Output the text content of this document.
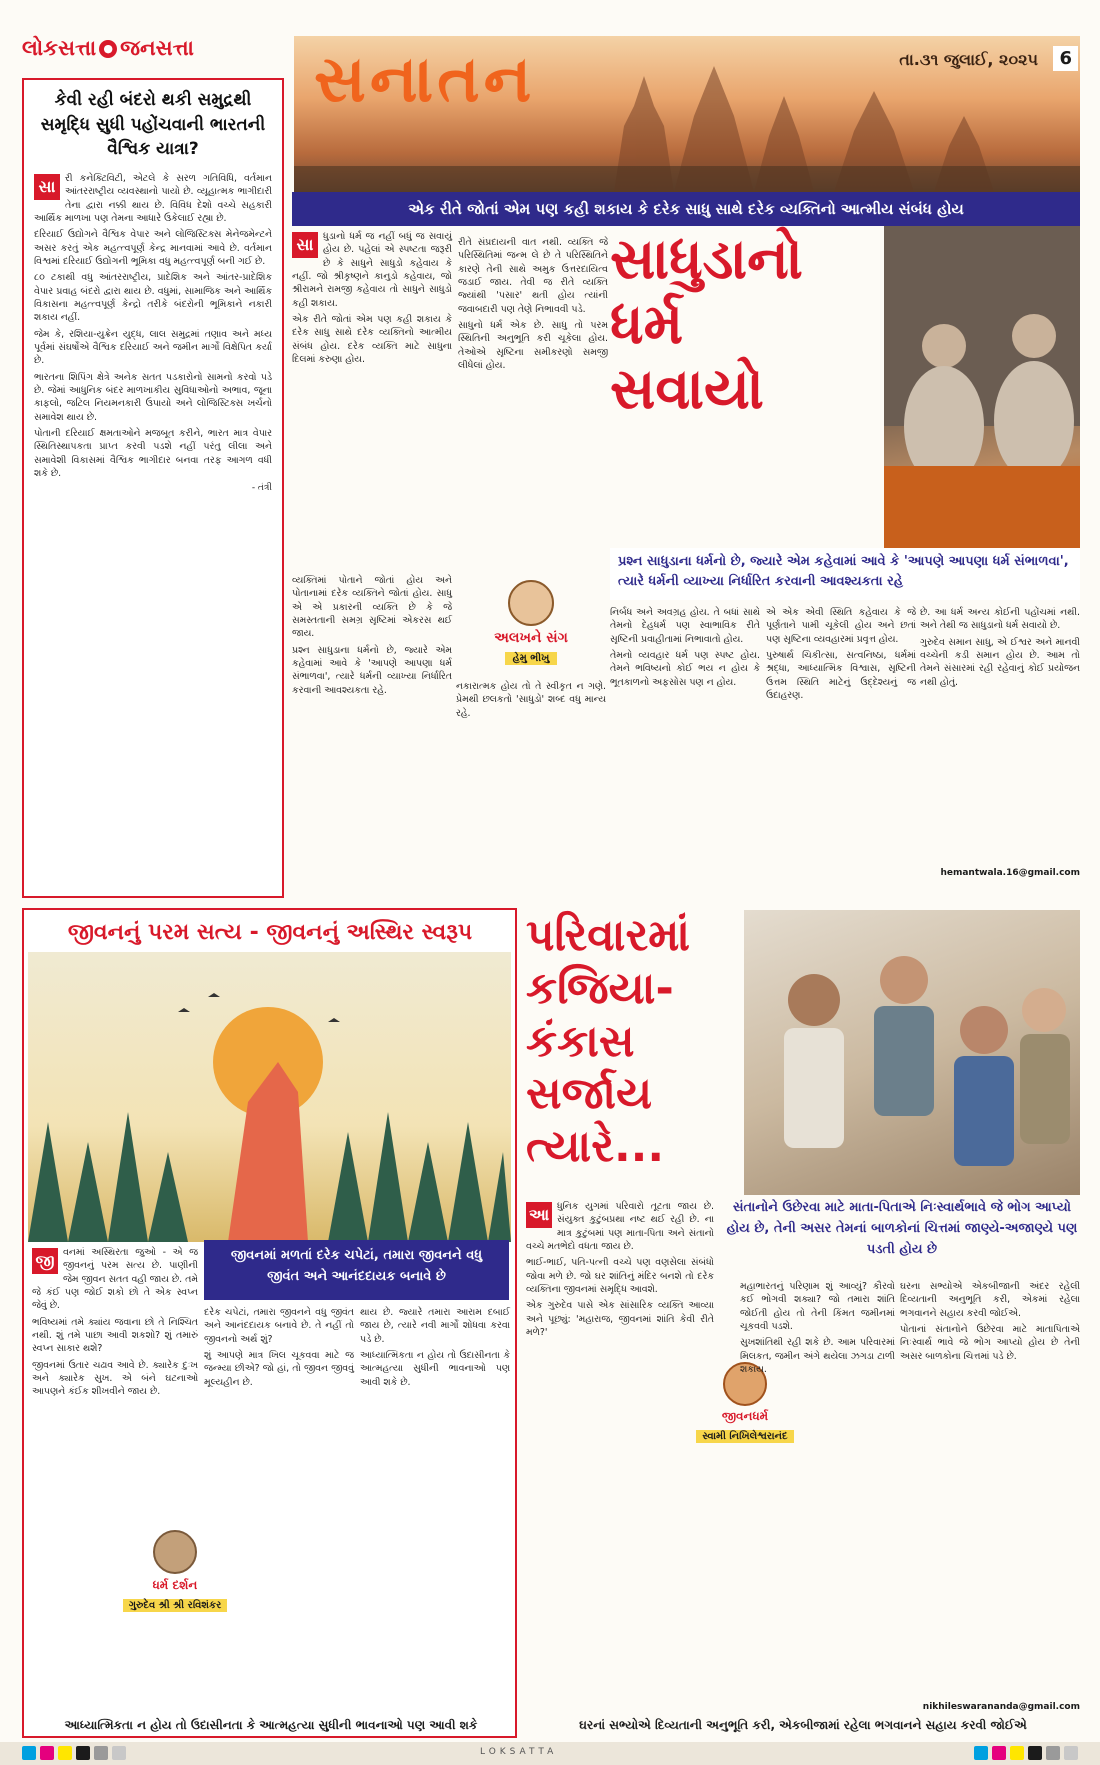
લોકસત્તા ● જનસત્તા સનાતન	તા.૩૧ જુલાઈ, ૨૦૨૫	6
કેવી રહી બંદરો થકી સમુદ્રથી સમૃદ્ધિ સુધી પહોંચવાની ભારતની વૈશ્વિક યાત્રા?
સા	રી કનેક્ટિવિટી, એટલે કે સરળ ગતિવિધિ, વર્તમાન આંતરરાષ્ટ્રીય વ્યવસ્થાનો પાયો છે. વ્યૂહાત્મક ભાગીદારી તેના દ્વારા નક્કી થાય છે. વિવિધ દેશો વચ્ચે સહકારી આર્થિક માળખા પણ તેમના આધારે ઉકેલાઈ રહ્યા છે.

દરિયાઈ ઉદ્યોગને વૈશ્વિક વેપાર અને લોજિસ્ટિક્સ મેનેજમેન્ટને અસર કરતું એક મહત્ત્વપૂર્ણ કેન્દ્ર માનવામાં આવે છે. વર્તમાન વિશ્વમાં દરિયાઈ ઉદ્યોગની ભૂમિકા વધુ મહત્ત્વપૂર્ણ બની ગઈ છે.

૮૦ ટકાથી વધુ આંતરરાષ્ટ્રીય, પ્રાદેશિક અને આંતર-પ્રાદેશિક વેપાર પ્રવાહ બંદરો દ્વારા થાય છે. વધુમાં, સામાજિક અને આર્થિક વિકાસના મહત્ત્વપૂર્ણ કેન્દ્રો તરીકે બંદરોની ભૂમિકાને નકારી શકાય નહીં.

જેમ કે, રશિયા-યુક્રેન યુદ્ધ, લાલ સમુદ્રમાં તણાવ અને મધ્ય પૂર્વમાં સંઘર્ષોએ વૈશ્વિક દરિયાઈ અને જમીન માર્ગો વિક્ષેપિત કર્યા છે.

ભારતના શિપિંગ ક્ષેત્રે અનેક સતત પડકારોનો સામનો કરવો પડે છે. જેમાં આધુનિક બંદર માળખાકીય સુવિધાઓનો અભાવ, જૂના કાફલો, જટિલ નિયમનકારી ઉપાયો અને લોજિસ્ટિક્સ ખર્ચનો સમાવેશ થાય છે.

પોતાની દરિયાઈ ક્ષમતાઓને મજબૂત કરીને, ભારત માત્ર વેપાર સ્થિતિસ્થાપકતા પ્રાપ્ત કરવી પડશે નહીં પરંતુ લીલા અને સમાવેશી વિકાસમાં વૈશ્વિક ભાગીદાર બનવા તરફ આગળ વધી શકે છે.

- તંત્રી
એક રીતે જોતાં એમ પણ કહી શકાય કે દરેક સાધુ સાથે દરેક વ્યક્તિનો આત્મીય સંબંધ હોય
સા	ધુડાનો ધર્મ જ નહીં બધું જ સવાયું હોય છે. પહેલાં એ સ્પષ્ટતા જરૂરી છે કે સાધુને સાધુડો કહેવાય કે નહીં. જો શ્રીકૃષ્ણને કાનુડો કહેવાય, જો શ્રીરામને રામજી કહેવાય તો સાધુને સાધુડો કહી શકાય.

એક રીતે જોતાં એમ પણ કહી શકાય કે દરેક સાધુ સાથે દરેક વ્યક્તિનો આત્મીય સંબંધ હોય. દરેક વ્યક્તિ માટે સાધુના દિલમાં કરુણા હોય.

રીતે સંપ્રદાયની વાત નથી. વ્યક્તિ જે પરિસ્થિતિમાં જન્મ લે છે તે પરિસ્થિતિને કારણે તેની સાથે અમુક ઉત્તરદાયિત્વ જડાઈ જાય. તેવી જ રીતે વ્યક્તિ જ્યાંથી 'પસાર' થતી હોય ત્યાંની જવાબદારી પણ તેણે નિભાવવી પડે.

સાધુનો ધર્મ એક છે. સાધુ તો પરમ સ્થિતિની અનુભૂતિ કરી ચૂકેલા હોય. તેઓએ સૃષ્ટિના સમીકરણો સમજી લીધેલાં હોય.

સાધુડાનો
ધર્મ
સવાયો
પ્રશ્ન સાધુડાના ધર્મનો છે, જ્યારે એમ કહેવામાં આવે કે 'આપણે આપણા ધર્મ સંભાળવા', ત્યારે ધર્મની વ્યાખ્યા નિર્ધારિત કરવાની આવશ્યકતા રહે

વ્યક્તિમાં પોતાને જોતાં હોય અને પોતાનામાં દરેક વ્યક્તિને જોતાં હોય. સાધુ એ એ પ્રકારની વ્યક્તિ છે કે જે સમસ્તતાની સમગ્ર સૃષ્ટિમાં એકરસ થઈ જાય.

પ્રશ્ન સાધુડાના ધર્મનો છે, જ્યારે એમ કહેવામાં આવે કે 'આપણે આપણા ધર્મ સંભાળવા', ત્યારે ધર્મની વ્યાખ્યા નિર્ધારિત કરવાની આવશ્યકતા રહે.

અલખને સંગ
હેમુ ભીખુ

નકારાત્મક હોય તો તે સ્વીકૃત ન ગણે. પ્રેમથી છલકતો 'સાધુડો' શબ્દ વધુ માન્ય રહે.

નિર્બધ અને અવગ્રહ હોય. તે બધાં સાથે તેમનો દેહધર્મ પણ સ્વાભાવિક રીતે સૃષ્ટિની પ્રવાહીતામાં નિભાવાતો હોય.

તેમનો વ્યવહાર ધર્મ પણ સ્પષ્ટ હોય. તેમને ભવિષ્યનો કોઈ ભય ન હોય કે ભૂતકાળનો અફસોસ પણ ન હોય.

એ એક એવી સ્થિતિ કહેવાય કે જે પૂર્ણતાને પામી ચૂકેલી હોય અને છતાં પણ સૃષ્ટિના વ્યવહારમાં પ્રવૃત્ત હોય.

પુરુષાર્થ ચિકીત્સા, સત્વનિષ્ઠા, ધર્મમાં શ્રદ્ધા, આધ્યાત્મિક વિશ્વાસ, સૃષ્ટિની ઉત્તમ સ્થિતિ માટેનું ઉદ્દેશ્યનું જ ઉદાહરણ.

છે. આ ધર્મ અન્ય કોઈની પહોંચમાં નથી. અને તેથી જ સાધુડાનો ધર્મ સવાયો છે.

ગુરુદેવ સમાન સાધુ, એ ઈશ્વર અને માનવી વચ્ચેની કડી સમાન હોય છે. આમ તો તેમને સંસારમાં રહી રહેવાનું કોઈ પ્રયોજન નથી હોતું.

hemantwala.16@gmail.com
જીવનનું પરમ સત્ય - જીવનનું અસ્થિર સ્વરૂપ
જીવનમાં મળતાં દરેક ચપેટાં, તમારા જીવનને વધુ જીવંત અને આનંદદાયક બનાવે છે
જી વનમાં અસ્થિરતા જુઓ - એ જ જીવનનું પરમ સત્ય છે. પાણીની જેમ જીવન સતત વહી જાય છે. તમે જે કંઈ પણ જોઈ શકો છો તે એક સ્વપ્ન જેવું છે.

ભવિષ્યમાં તમે ક્યાંય જવાના છો તે નિશ્ચિત નથી. શું તમે પાછા આવી શકશો? શું તમારું સ્વપ્ન સાકાર થશે?

જીવનમાં ઉતાર ચઢાવ આવે છે. ક્યારેક દુઃખ અને ક્યારેક સુખ. એ બંને ઘટનાઓ આપણને કંઈક શીખવીને જાય છે.

દરેક ચપેટાં, તમારા જીવનને વધુ જીવંત અને આનંદદાયક બનાવે છે. તે નહીં તો જીવનનો અર્થ શું?

શું આપણે માત્ર ખિલ ચૂકવવા માટે જ જન્મ્યા છીએ? જો હાં, તો જીવન જીવવું મૂલ્યહીન છે.

થાય છે. જ્યારે તમારા આરામ દબાઈ જાય છે, ત્યારે નવી માર્ગો શોધવા કરવા પડે છે.

આધ્યાત્મિકતા ન હોય તો ઉદાસીનતા કે આત્મહત્યા સુધીની ભાવનાઓ પણ આવી શકે છે.

ધર્મ દર્શન
ગુરુદેવ શ્રી શ્રી રવિશંકર
આધ્યાત્મિકતા ન હોય તો ઉદાસીનતા કે આત્મહત્યા સુધીની ભાવનાઓ પણ આવી શકે
પરિવારમાં
કજિયા-
કંકાસ
સર્જાય
ત્યારે...
સંતાનોને ઉછેરવા માટે માતા-પિતાએ નિઃસ્વાર્થભાવે જે ભોગ આપ્યો હોય છે, તેની અસર તેમનાં બાળકોનાં ચિત્તમાં જાણ્યે-અજાણ્યે પણ પડતી હોય છે
આ ધુનિક યુગમાં પરિવારો તૂટતા જાય છે. સંયુક્ત કુટુંબપ્રથા નષ્ટ થઈ રહી છે. ના માત્ર કુટુંબમાં પણ માતા-પિતા અને સંતાનો વચ્ચે મતભેદો વધતા જાય છે.

ભાઈ-ભાઈ, પતિ-પત્ની વચ્ચે પણ વણસેલા સંબંધો જોવા મળે છે. જો ઘર શાંતિનું મંદિર બનશે તો દરેક વ્યક્તિના જીવનમાં સમૃદ્ધિ આવશે.

એક ગુરુદેવ પાસે એક સાંસારિક વ્યક્તિ આવ્યા અને પૂછ્યું: 'મહારાજ, જીવનમાં શાંતિ કેવી રીતે મળે?'

જીવનધર્મ
સ્વામી નિખિલેશ્વરાનંદ

મહાભારતનું પરિણામ શું આવ્યું? કૌરવો કઈ ભોગવી શક્યા? જો તમારા શાંતિ જોઈતી હોય તો તેની કિંમત જમીનમાં ચૂકવવી પડશે.

સુખશાંતિથી રહી શકે છે. આમ પરિવારમાં મિલકત, જમીન અંગે થયેલા ઝગડા ટાળી શકાય.

ઘરના સભ્યોએ એકબીજાની અંદર રહેલી દિવ્યતાની અનુભૂતિ કરી, એકમાં રહેલા ભગવાનને સહાય કરવી જોઈએ.

પોતાનાં સંતાનોને ઉછેરવા માટે માતાપિતાએ નિઃસ્વાર્થ ભાવે જે ભોગ આપ્યો હોય છે તેની અસર બાળકોના ચિત્તમાં પડે છે.

nikhileswarananda@gmail.com
ઘરનાં સભ્યોએ દિવ્યતાની અનુભૂતિ કરી, એકબીજામાં રહેલા ભગવાનને સહાય કરવી જોઈએ
LOKSATTA
